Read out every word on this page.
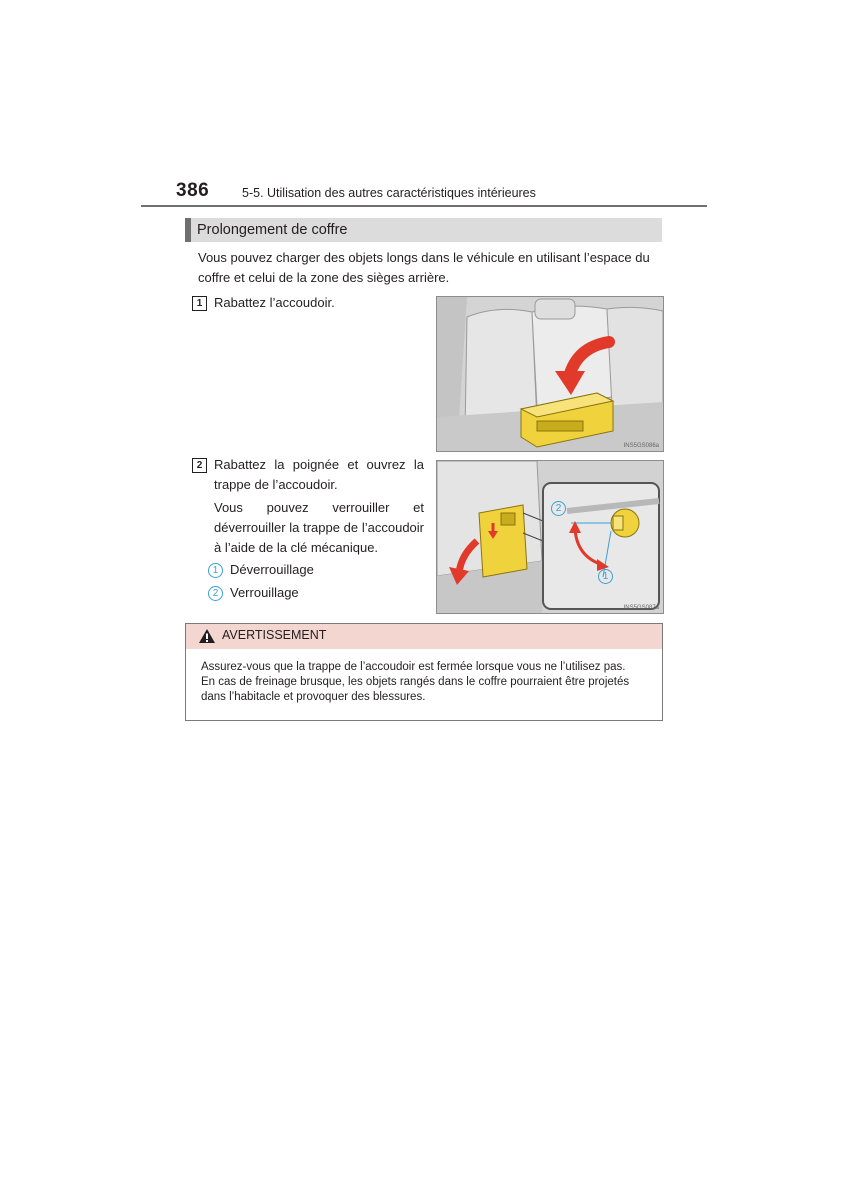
386	5-5. Utilisation des autres caractéristiques intérieures
Prolongement de coffre
Vous pouvez charger des objets longs dans le véhicule en utilisant l’espace du coffre et celui de la zone des sièges arrière.
1 Rabattez l’accoudoir.
INS5GS086a
2 Rabattez la poignée et ouvrez la trappe de l’accoudoir.
Vous pouvez verrouiller et déverrouiller la trappe de l’accoudoir à l’aide de la clé mécanique.
1 Déverrouillage
2 Verrouillage
2
1
INS5GS087a
AVERTISSEMENT
Assurez-vous que la trappe de l’accoudoir est fermée lorsque vous ne l’utilisez pas.
En cas de freinage brusque, les objets rangés dans le coffre pourraient être projetés
dans l’habitacle et provoquer des blessures.
